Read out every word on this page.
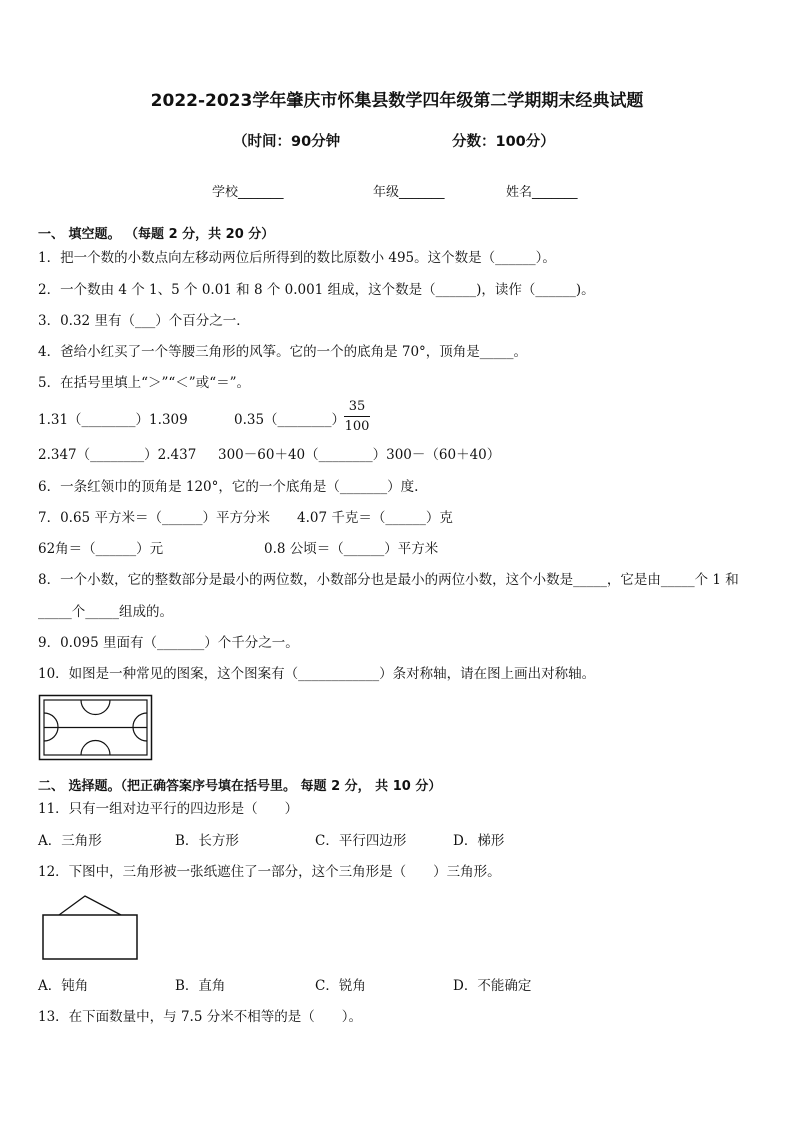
2022-2023学年肇庆市怀集县数学四年级第二学期期末经典试题
（时间：90分钟	分数：100分）
学校_______	年级_______	姓名_______
一、 填空题。 （每题 2 分，共 20 分）
1．把一个数的小数点向左移动两位后所得到的数比原数小 495。这个数是（______）。
2．一个数由 4 个 1、5 个 0.01 和 8 个 0.001 组成，这个数是（______)，读作（______)。
3．0.32 里有（___）个百分之一．
4．爸给小红买了一个等腰三角形的风筝。它的一个的底角是 70°，顶角是_____。
5．在括号里填上“＞”“＜”或“＝”。
1.31（________）1.309	0.35（________）
35
100
2.347（________）2.437 300－60＋40（________）300－（60＋40）
6．一条红领巾的顶角是 120°，它的一个底角是（_______）度.
7．0.65 平方米＝（______）平方分米 4.07 千克＝（______）克
62角＝（______）元	0.8 公顷＝（______）平方米
8．一个小数，它的整数部分是最小的两位数，小数部分也是最小的两位小数，这个小数是_____，它是由_____个 1 和
_____个_____组成的。
9．0.095 里面有（_______）个千分之一。
10．如图是一种常见的图案，这个图案有（____________）条对称轴，请在图上画出对称轴。
二、 选择题。（把正确答案序号填在括号里。 每题 2 分， 共 10 分）
11．只有一组对边平行的四边形是（　　）
A．三角形	B．长方形	C．平行四边形	D．梯形
12．下图中，三角形被一张纸遮住了一部分，这个三角形是（　　）三角形。
A．钝角	B．直角	C．锐角	D．不能确定
13．在下面数量中，与 7.5 分米不相等的是（　　）。
